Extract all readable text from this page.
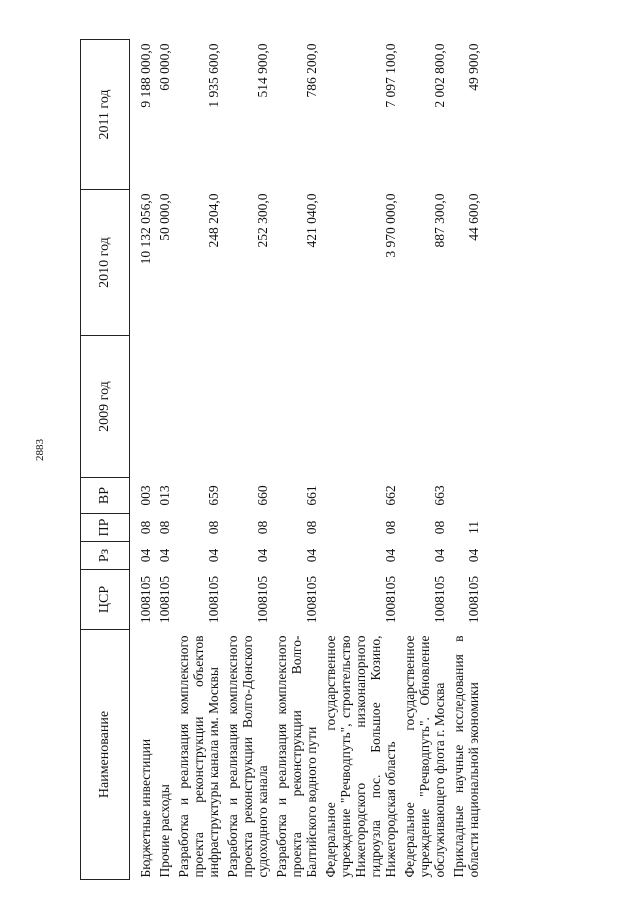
2883
Наименование	ЦСР	Рз	ПР	ВР	2009 год	2010 год	2011 год

Бюджетные инвестиции	1008105	04	08	003		10 132 056,0	9 188 000,0
Прочие расходы	1008105	04	08	013		50 000,0	60 000,0
Разработка и реализация комплексного проекта реконструкции объектов инфраструктуры канала им. Москвы	1008105	04	08	659		248 204,0	1 935 600,0
Разработка и реализация комплексного проекта реконструкции Волго-Донского судоходного канала	1008105	04	08	660		252 300,0	514 900,0
Разработка и реализация комплексного проекта реконструкции Волго-Балтийского водного пути	1008105	04	08	661		421 040,0	786 200,0
Федеральное государственное учреждение "Речводпуть", строительство Нижегородского низконапорного гидроузла пос. Большое Козино, Нижегородская область	1008105	04	08	662		3 970 000,0	7 097 100,0
Федеральное государственное учреждение "Речводпуть". Обновление обслуживающего флота г. Москва	1008105	04	08	663		887 300,0	2 002 800,0
Прикладные научные исследования в области национальной экономики	1008105	04	11			44 600,0	49 900,0
